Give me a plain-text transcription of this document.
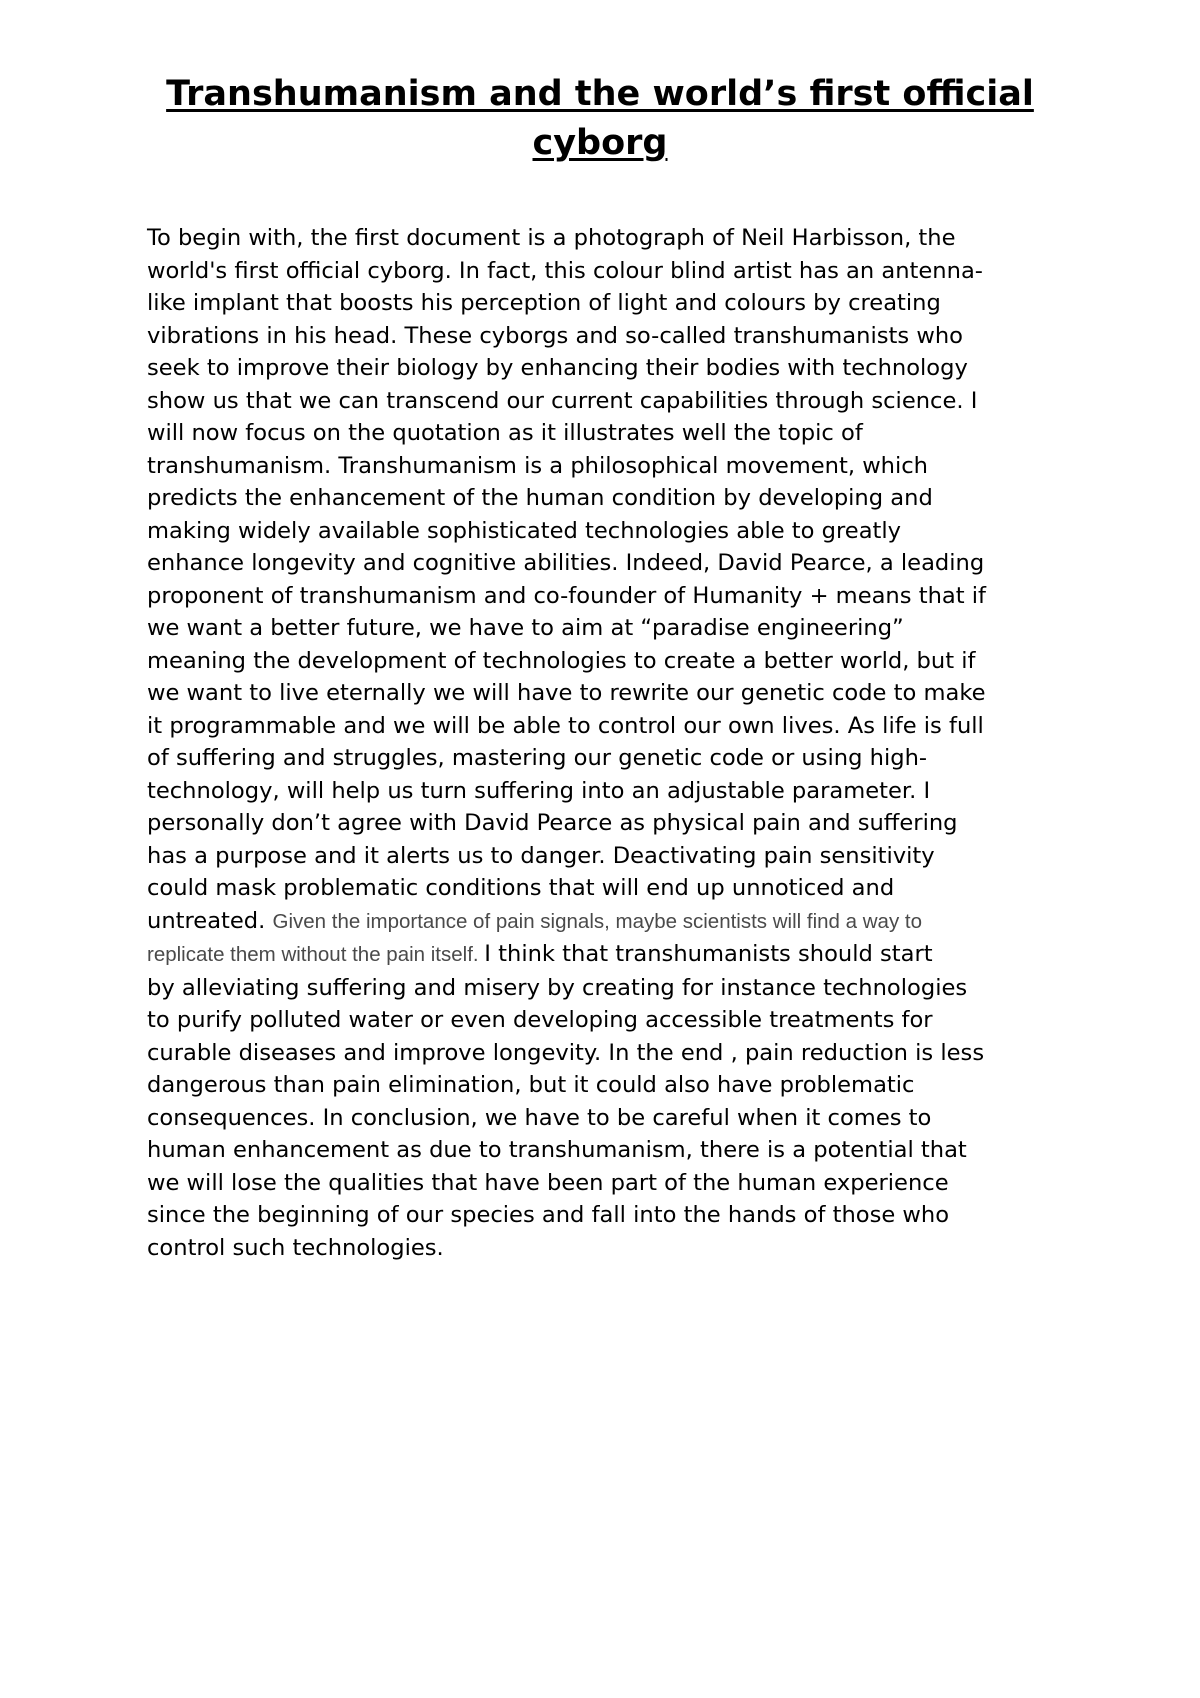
Transhumanism and the world’s first official cyborg
To begin with, the first document is a photograph of Neil Harbisson, the
world's first official cyborg. In fact, this colour blind artist has an antenna-
like implant that boosts his perception of light and colours by creating
vibrations in his head. These cyborgs and so-called transhumanists who
seek to improve their biology by enhancing their bodies with technology
show us that we can transcend our current capabilities through science. I
will now focus on the quotation as it illustrates well the topic of
transhumanism. Transhumanism is a philosophical movement, which
predicts the enhancement of the human condition by developing and
making widely available sophisticated technologies able to greatly
enhance longevity and cognitive abilities. Indeed, David Pearce, a leading
proponent of transhumanism and co-founder of Humanity + means that if
we want a better future, we have to aim at “paradise engineering”
meaning the development of technologies to create a better world, but if
we want to live eternally we will have to rewrite our genetic code to make
it programmable and we will be able to control our own lives. As life is full
of suffering and struggles, mastering our genetic code or using high-
technology, will help us turn suffering into an adjustable parameter. I
personally don’t agree with David Pearce as physical pain and suffering
has a purpose and it alerts us to danger. Deactivating pain sensitivity
could mask problematic conditions that will end up unnoticed and
untreated. Given the importance of pain signals, maybe scientists will find a way to
replicate them without the pain itself. I think that transhumanists should start
by alleviating suffering and misery by creating for instance technologies
to purify polluted water or even developing accessible treatments for
curable diseases and improve longevity. In the end , pain reduction is less
dangerous than pain elimination, but it could also have problematic
consequences. In conclusion, we have to be careful when it comes to
human enhancement as due to transhumanism, there is a potential that
we will lose the qualities that have been part of the human experience
since the beginning of our species and fall into the hands of those who
control such technologies.
